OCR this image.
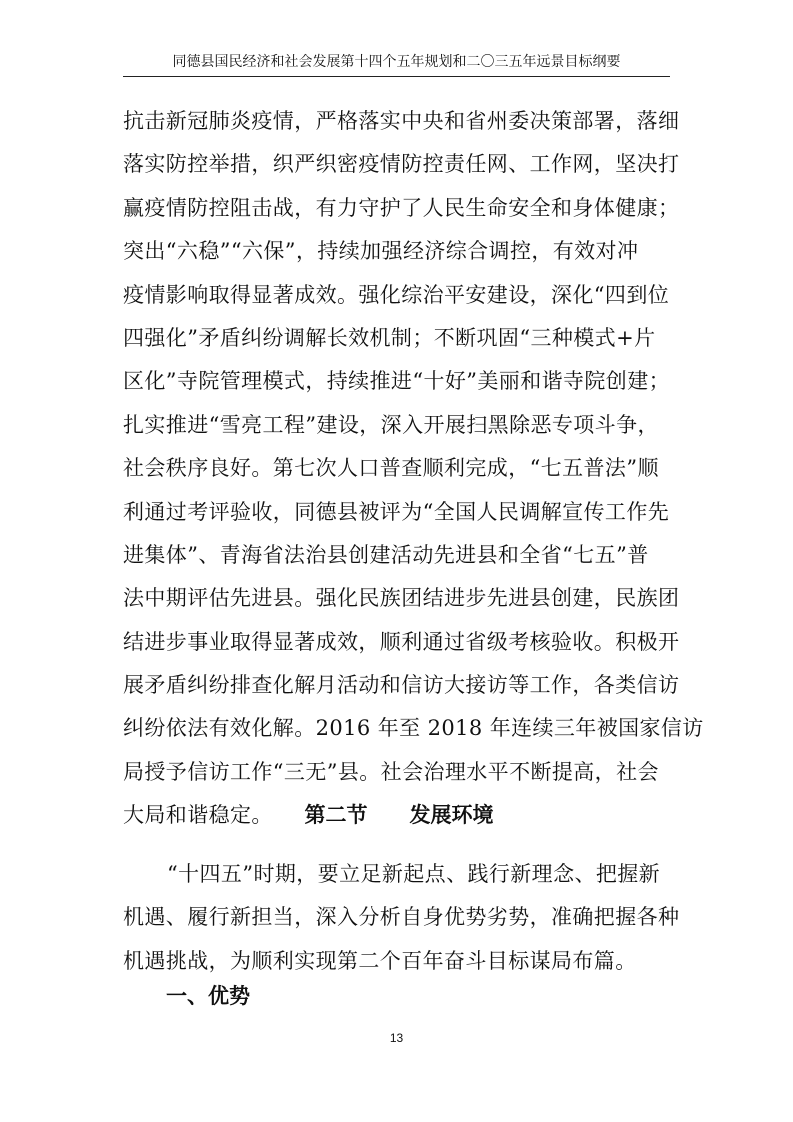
同德县国民经济和社会发展第十四个五年规划和二〇三五年远景目标纲要
抗击新冠肺炎疫情，严格落实中央和省州委决策部署，落细
落实防控举措，织严织密疫情防控责任网、工作网，坚决打
赢疫情防控阻击战，有力守护了人民生命安全和身体健康；
突出“六稳”“六保”，持续加强经济综合调控，有效对冲
疫情影响取得显著成效。强化综治平安建设，深化“四到位
四强化”矛盾纠纷调解长效机制；不断巩固“三种模式+片
区化”寺院管理模式，持续推进“十好”美丽和谐寺院创建；
扎实推进“雪亮工程”建设，深入开展扫黑除恶专项斗争，
社会秩序良好。第七次人口普查顺利完成，“七五普法”顺
利通过考评验收，同德县被评为“全国人民调解宣传工作先
进集体”、青海省法治县创建活动先进县和全省“七五”普
法中期评估先进县。强化民族团结进步先进县创建，民族团
结进步事业取得显著成效，顺利通过省级考核验收。积极开
展矛盾纠纷排查化解月活动和信访大接访等工作，各类信访
纠纷依法有效化解。2016 年至 2018 年连续三年被国家信访
局授予信访工作“三无”县。社会治理水平不断提高，社会
大局和谐稳定。	第二节　　发展环境
“十四五”时期，要立足新起点、践行新理念、把握新
机遇、履行新担当，深入分析自身优势劣势，准确把握各种
机遇挑战，为顺利实现第二个百年奋斗目标谋局布篇。
一、优势
13
